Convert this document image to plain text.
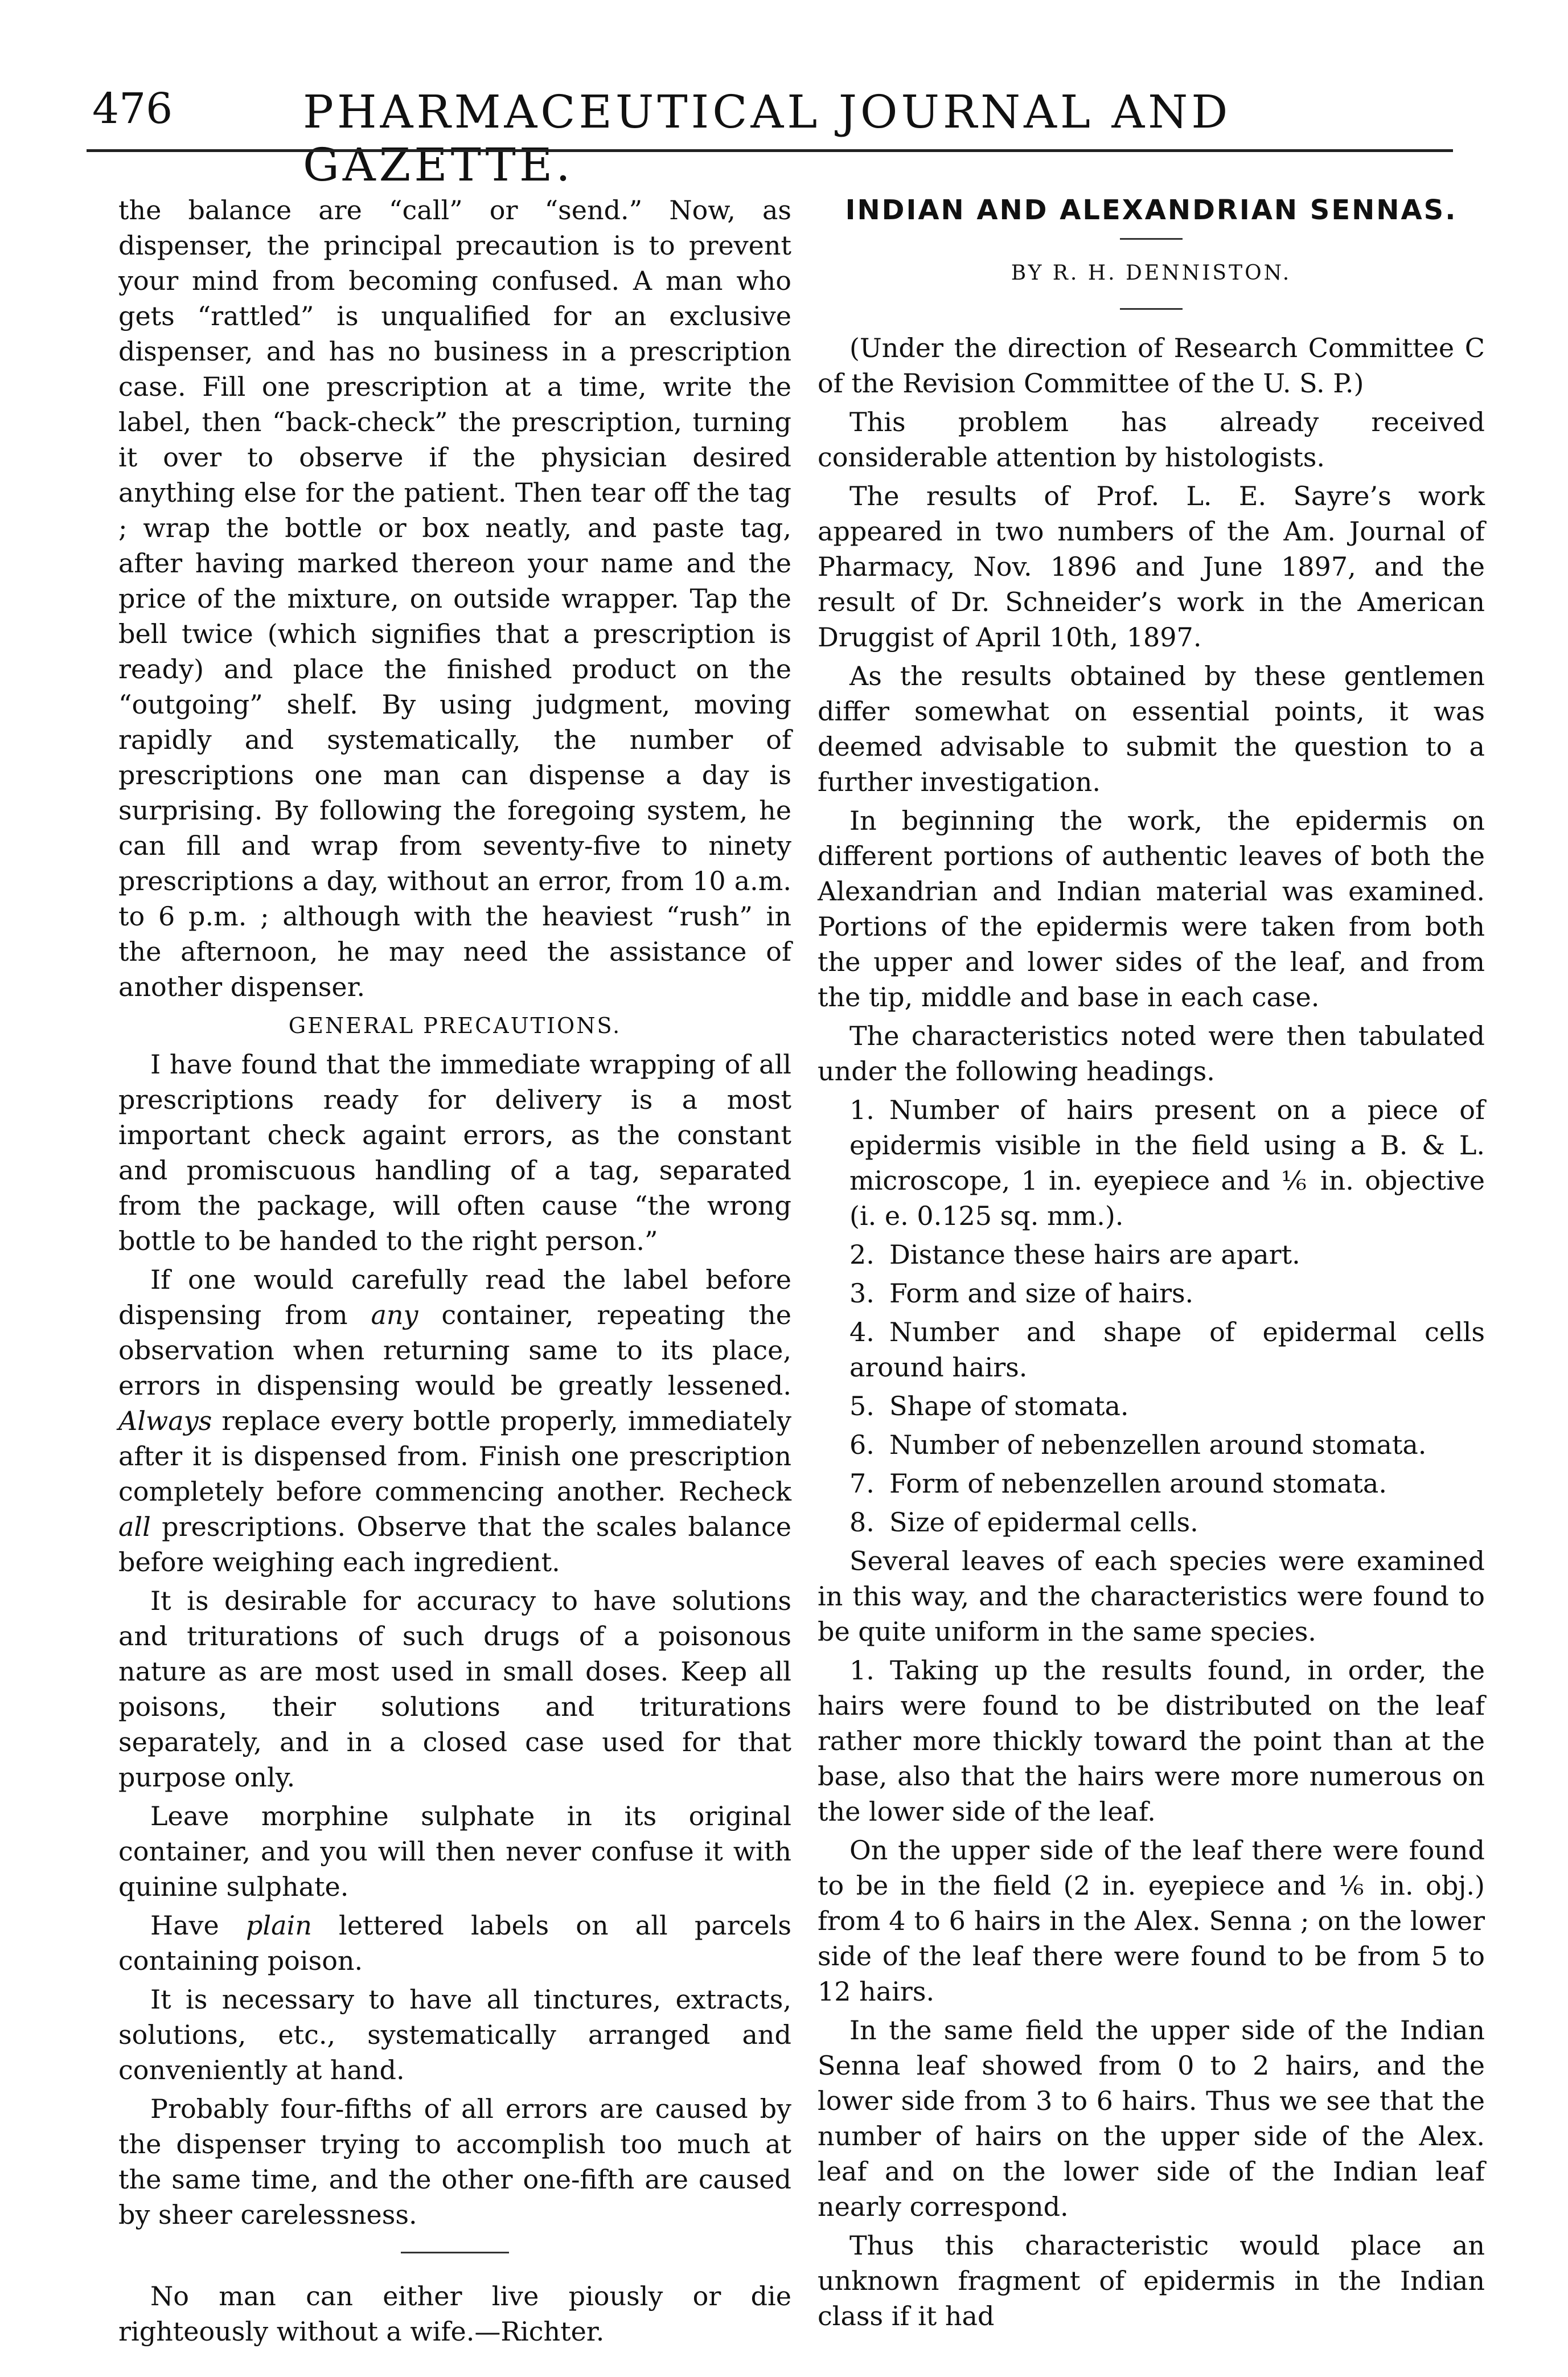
476	PHARMACEUTICAL JOURNAL AND GAZETTE.

the balance are “call” or “send.” Now, as dispenser, the principal precaution is to prevent your mind from becoming confused. A man who gets “rattled” is unqualified for an exclusive dispenser, and has no business in a prescription case. Fill one prescription at a time, write the label, then “back-check” the prescription, turning it over to observe if the physician desired anything else for the patient. Then tear off the tag ; wrap the bottle or box neatly, and paste tag, after having marked thereon your name and the price of the mixture, on outside wrapper. Tap the bell twice (which signifies that a prescription is ready) and place the finished product on the “outgoing” shelf. By using judgment, moving rapidly and systematically, the number of prescriptions one man can dispense a day is surprising. By following the foregoing system, he can fill and wrap from seventy-five to ninety prescriptions a day, without an error, from 10 a.m. to 6 p.m. ; although with the heaviest “rush” in the afternoon, he may need the assistance of another dispenser.

GENERAL PRECAUTIONS.

I have found that the immediate wrapping of all prescriptions ready for delivery is a most important check againt errors, as the constant and promiscuous handling of a tag, separated from the package, will often cause “the wrong bottle to be handed to the right person.”

If one would carefully read the label before dispensing from any container, repeating the observation when returning same to its place, errors in dispensing would be greatly lessened. Always replace every bottle properly, immediately after it is dispensed from. Finish one prescription completely before commencing another. Recheck all prescriptions. Observe that the scales balance before weighing each ingredient.

It is desirable for accuracy to have solutions and triturations of such drugs of a poisonous nature as are most used in small doses. Keep all poisons, their solutions and triturations separately, and in a closed case used for that purpose only.

Leave morphine sulphate in its original container, and you will then never confuse it with quinine sulphate.

Have plain lettered labels on all parcels containing poison.

It is necessary to have all tinctures, extracts, solutions, etc., systematically arranged and conveniently at hand.

Probably four-fifths of all errors are caused by the dispenser trying to accomplish too much at the same time, and the other one-fifth are caused by sheer carelessness.

No man can either live piously or die righteously without a wife.—Richter.

INDIAN AND ALEXANDRIAN SENNAS.
BY R. H. DENNISTON.

(Under the direction of Research Committee C of the Revision Committee of the U. S. P.)

This problem has already received considerable attention by histologists.

The results of Prof. L. E. Sayre’s work appeared in two numbers of the Am. Journal of Pharmacy, Nov. 1896 and June 1897, and the result of Dr. Schneider’s work in the American Druggist of April 10th, 1897.

As the results obtained by these gentlemen differ somewhat on essential points, it was deemed advisable to submit the question to a further investigation.

In beginning the work, the epidermis on different portions of authentic leaves of both the Alexandrian and Indian material was examined. Portions of the epidermis were taken from both the upper and lower sides of the leaf, and from the tip, middle and base in each case.

The characteristics noted were then tabulated under the following headings.

1. Number of hairs present on a piece of epidermis visible in the field using a B. & L. microscope, 1 in. eyepiece and ⅙ in. objective (i. e. 0.125 sq. mm.).

2. Distance these hairs are apart.

3. Form and size of hairs.

4. Number and shape of epidermal cells around hairs.

5. Shape of stomata.

6. Number of nebenzellen around stomata.

7. Form of nebenzellen around stomata.

8. Size of epidermal cells.

Several leaves of each species were examined in this way, and the characteristics were found to be quite uniform in the same species.

1. Taking up the results found, in order, the hairs were found to be distributed on the leaf rather more thickly toward the point than at the base, also that the hairs were more numerous on the lower side of the leaf.

On the upper side of the leaf there were found to be in the field (2 in. eyepiece and ⅙ in. obj.) from 4 to 6 hairs in the Alex. Senna ; on the lower side of the leaf there were found to be from 5 to 12 hairs.

In the same field the upper side of the Indian Senna leaf showed from 0 to 2 hairs, and the lower side from 3 to 6 hairs. Thus we see that the number of hairs on the upper side of the Alex. leaf and on the lower side of the Indian leaf nearly correspond.

Thus this characteristic would place an unknown fragment of epidermis in the Indian class if it had
